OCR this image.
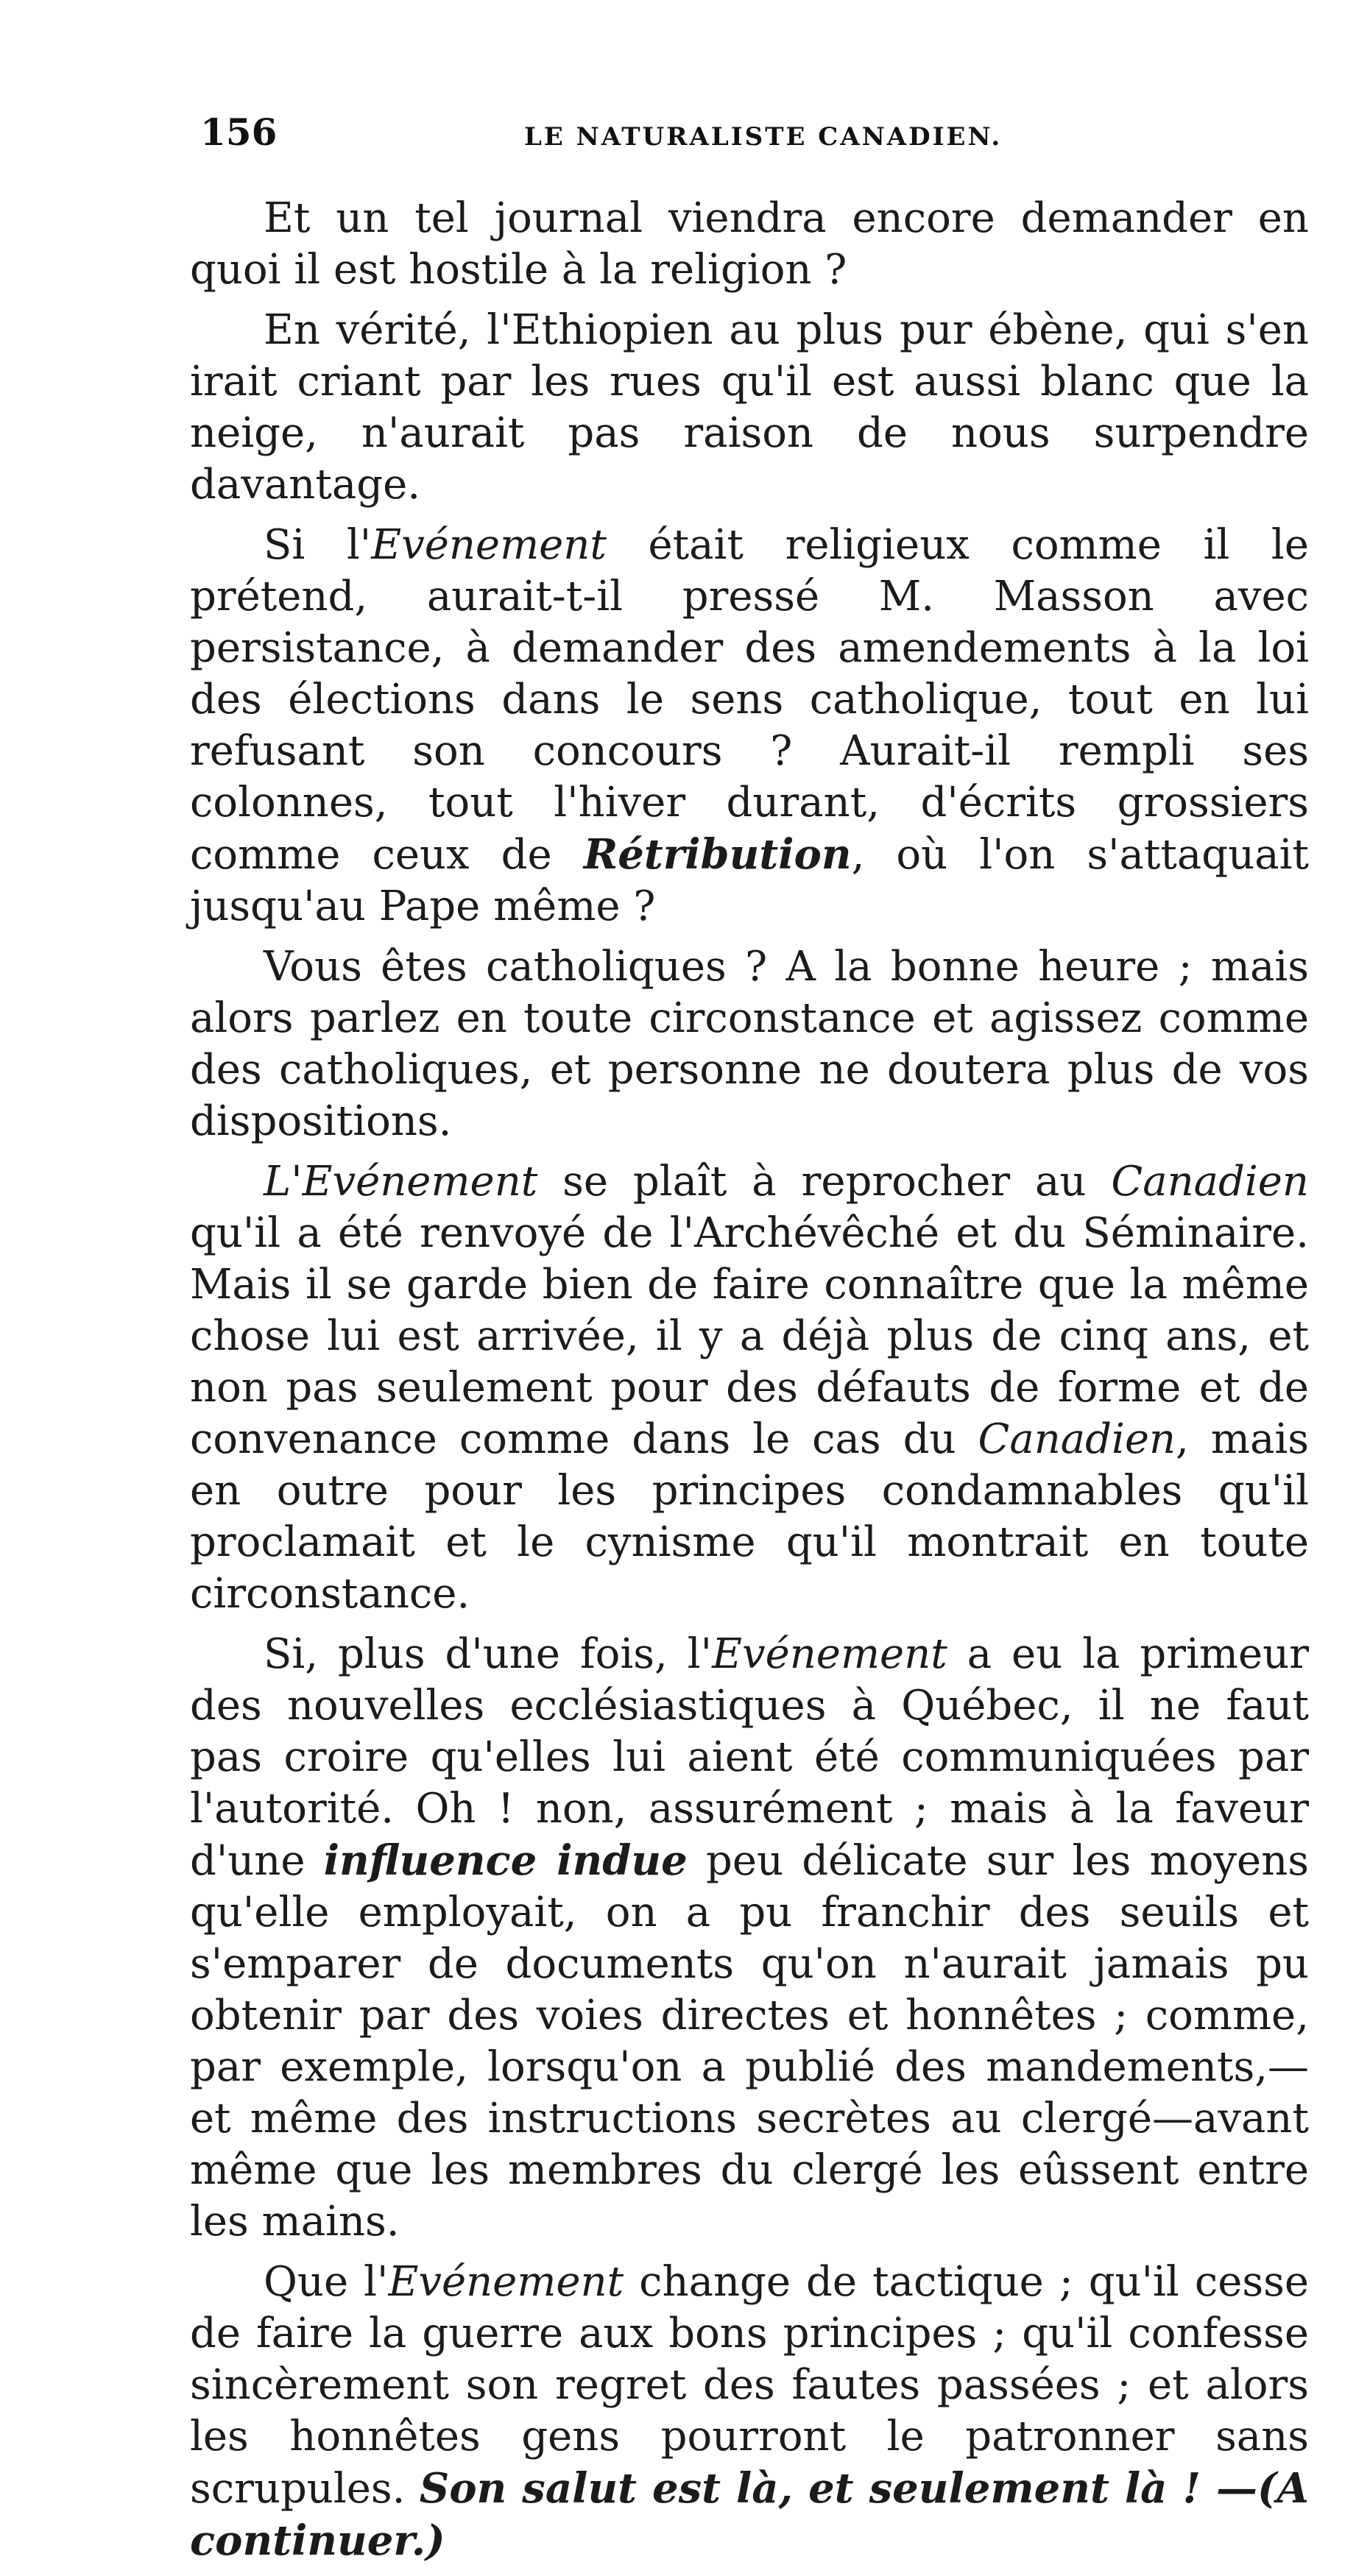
156	LE NATURALISTE CANADIEN.

Et un tel journal viendra encore demander en quoi il est hostile à la religion ?

En vérité, l'Ethiopien au plus pur ébène, qui s'en irait criant par les rues qu'il est aussi blanc que la neige, n'aurait pas raison de nous surpendre davantage.

Si l'Evénement était religieux comme il le prétend, aurait-t-il pressé M. Masson avec persistance, à demander des amendements à la loi des élections dans le sens catholique, tout en lui refusant son concours ? Aurait-il rempli ses colonnes, tout l'hiver durant, d'écrits grossiers comme ceux de Rétribution, où l'on s'attaquait jusqu'au Pape même ?

Vous êtes catholiques ? A la bonne heure ; mais alors parlez en toute circonstance et agissez comme des catholiques, et personne ne doutera plus de vos dispositions.

L'Evénement se plaît à reprocher au Canadien qu'il a été renvoyé de l'Archévêché et du Séminaire. Mais il se garde bien de faire connaître que la même chose lui est arrivée, il y a déjà plus de cinq ans, et non pas seulement pour des défauts de forme et de convenance comme dans le cas du Canadien, mais en outre pour les principes condamnables qu'il proclamait et le cynisme qu'il montrait en toute circonstance.

Si, plus d'une fois, l'Evénement a eu la primeur des nouvelles ecclésiastiques à Québec, il ne faut pas croire qu'elles lui aient été communiquées par l'autorité. Oh ! non, assurément ; mais à la faveur d'une influence indue peu délicate sur les moyens qu'elle employait, on a pu franchir des seuils et s'emparer de documents qu'on n'aurait jamais pu obtenir par des voies directes et honnêtes ; comme, par exemple, lorsqu'on a publié des mandements,—et même des instructions secrètes au clergé—avant même que les membres du clergé les eûssent entre les mains.

Que l'Evénement change de tactique ; qu'il cesse de faire la guerre aux bons principes ; qu'il confesse sincèrement son regret des fautes passées ; et alors les honnêtes gens pourront le patronner sans scrupules. Son salut est là, et seulement là ! —(A continuer.)
